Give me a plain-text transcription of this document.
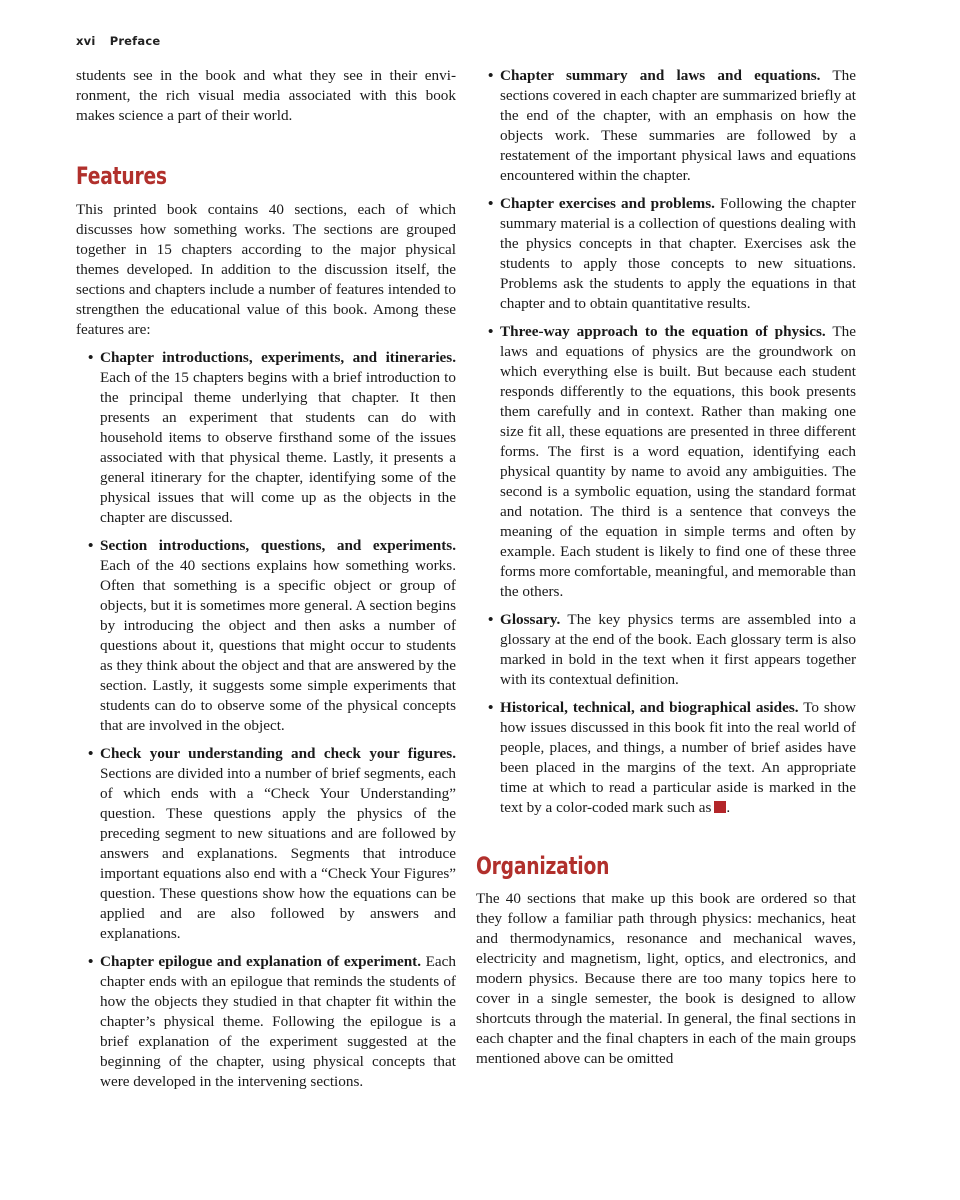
xvi Preface

students see in the book and what they see in their environment, the rich visual media associated with this book makes science a part of their world.

Features

This printed book contains 40 sections, each of which discusses how something works. The sections are grouped together in 15 chapters according to the major physical themes developed. In addition to the discussion itself, the sections and chapters include a number of features intended to strengthen the educational value of this book. Among these features are:

• Chapter introductions, experiments, and itineraries. Each of the 15 chapters begins with a brief introduction to the principal theme underlying that chapter. It then presents an experiment that students can do with household items to observe firsthand some of the issues associated with that physical theme. Lastly, it presents a general itinerary for the chapter, identifying some of the physical issues that will come up as the objects in the chapter are discussed.
• Section introductions, questions, and experiments. Each of the 40 sections explains how something works. Often that something is a specific object or group of objects, but it is sometimes more general. A section begins by introducing the object and then asks a number of questions about it, questions that might occur to students as they think about the object and that are answered by the section. Lastly, it suggests some simple experiments that students can do to observe some of the physical concepts that are involved in the object.
• Check your understanding and check your figures. Sections are divided into a number of brief segments, each of which ends with a “Check Your Understanding” question. These questions apply the physics of the preceding segment to new situations and are followed by answers and explanations. Segments that introduce important equations also end with a “Check Your Figures” question. These questions show how the equations can be applied and are also followed by answers and explanations.
• Chapter epilogue and explanation of experiment. Each chapter ends with an epilogue that reminds the students of how the objects they studied in that chapter fit within the chapter’s physical theme. Following the epilogue is a brief explanation of the experiment suggested at the beginning of the chapter, using physical concepts that were developed in the intervening sections.
• Chapter summary and laws and equations. The sections covered in each chapter are summarized briefly at the end of the chapter, with an emphasis on how the objects work. These summaries are followed by a restatement of the important physical laws and equations encountered within the chapter.
• Chapter exercises and problems. Following the chapter summary material is a collection of questions dealing with the physics concepts in that chapter. Exercises ask the students to apply those concepts to new situations. Problems ask the students to apply the equations in that chapter and to obtain quantitative results.
• Three-way approach to the equation of physics. The laws and equations of physics are the groundwork on which everything else is built. But because each student responds differently to the equations, this book presents them carefully and in context. Rather than making one size fit all, these equations are presented in three different forms. The first is a word equation, identifying each physical quantity by name to avoid any ambiguities. The second is a symbolic equation, using the standard format and notation. The third is a sentence that conveys the meaning of the equation in simple terms and often by example. Each student is likely to find one of these three forms more comfortable, meaningful, and memorable than the others.
• Glossary. The key physics terms are assembled into a glossary at the end of the book. Each glossary term is also marked in bold in the text when it first appears together with its contextual definition.
• Historical, technical, and biographical asides. To show how issues discussed in this book fit into the real world of people, places, and things, a number of brief asides have been placed in the margins of the text. An appropriate time at which to read a particular aside is marked in the text by a color-coded mark such as .
Organization

The 40 sections that make up this book are ordered so that they follow a familiar path through physics: mechanics, heat and thermodynamics, resonance and mechanical waves, electricity and magnetism, light, optics, and electronics, and modern physics. Because there are too many topics here to cover in a single semester, the book is designed to allow shortcuts through the material. In general, the final sections in each chapter and the final chapters in each of the main groups mentioned above can be omitted
